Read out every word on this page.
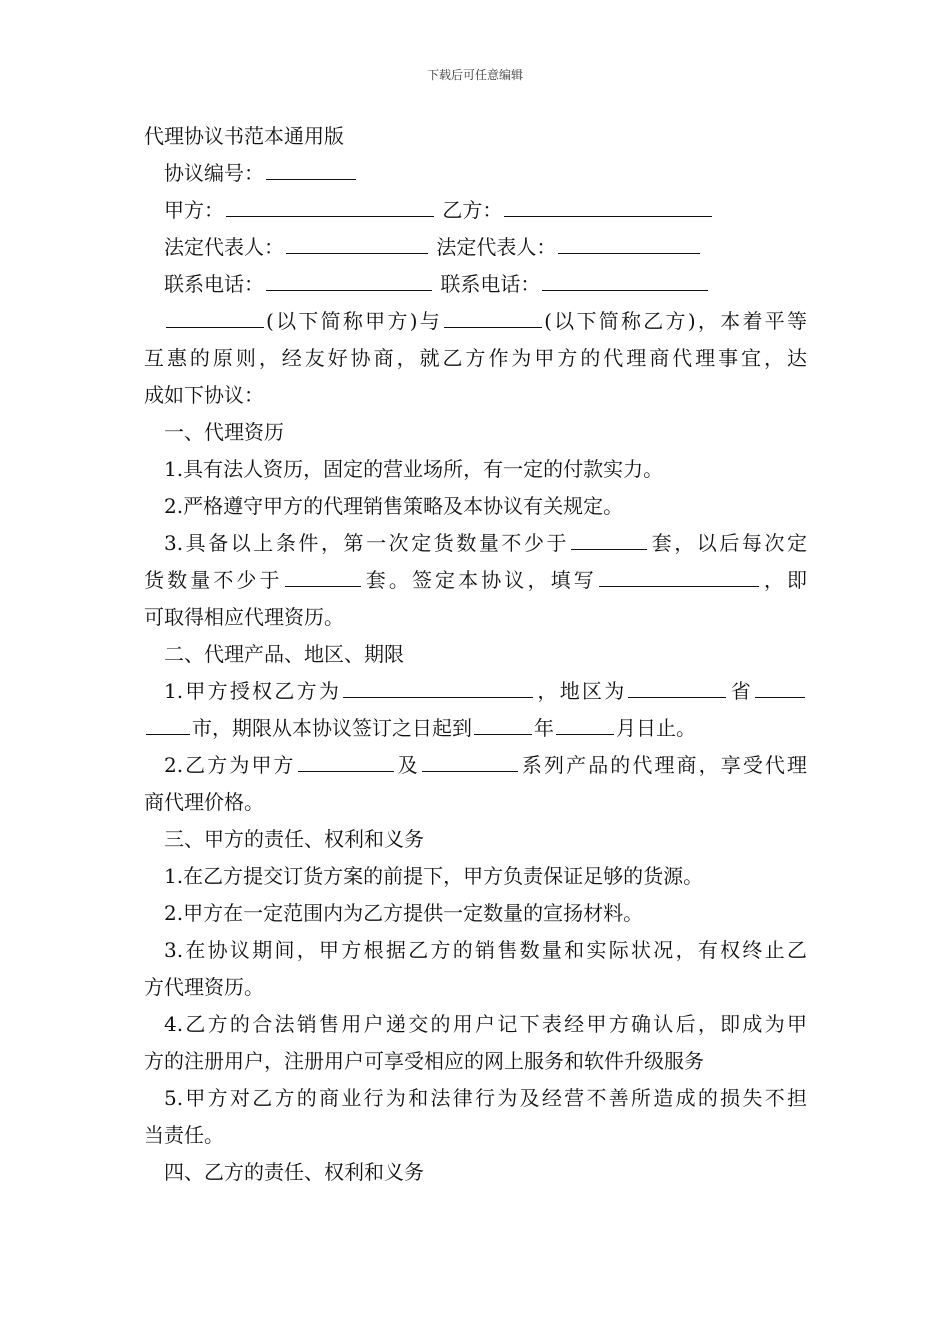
下载后可任意编辑
代理协议书范本通用版
协议编号：
甲方：	乙方：
法定代表人：	法定代表人：
联系电话：	联系电话：
(以下简称甲方)与	(以下简称乙方)，本着平等
互惠的原则，经友好协商，就乙方作为甲方的代理商代理事宜，达
成如下协议：
一、代理资历
1.具有法人资历，固定的营业场所，有一定的付款实力。
2.严格遵守甲方的代理销售策略及本协议有关规定。
3.具备以上条件，第一次定货数量不少于	套，以后每次定
货数量不少于	套。签定本协议，填写	，即
可取得相应代理资历。
二、代理产品、地区、期限
1.甲方授权乙方为	，地区为	省
市，期限从本协议签订之日起到	年	月日止。
2.乙方为甲方	及	系列产品的代理商，享受代理
商代理价格。
三、甲方的责任、权利和义务
1.在乙方提交订货方案的前提下，甲方负责保证足够的货源。
2.甲方在一定范围内为乙方提供一定数量的宣扬材料。
3.在协议期间，甲方根据乙方的销售数量和实际状况，有权终止乙
方代理资历。
4.乙方的合法销售用户递交的用户记下表经甲方确认后，即成为甲
方的注册用户，注册用户可享受相应的网上服务和软件升级服务
5.甲方对乙方的商业行为和法律行为及经营不善所造成的损失不担
当责任。
四、乙方的责任、权利和义务
